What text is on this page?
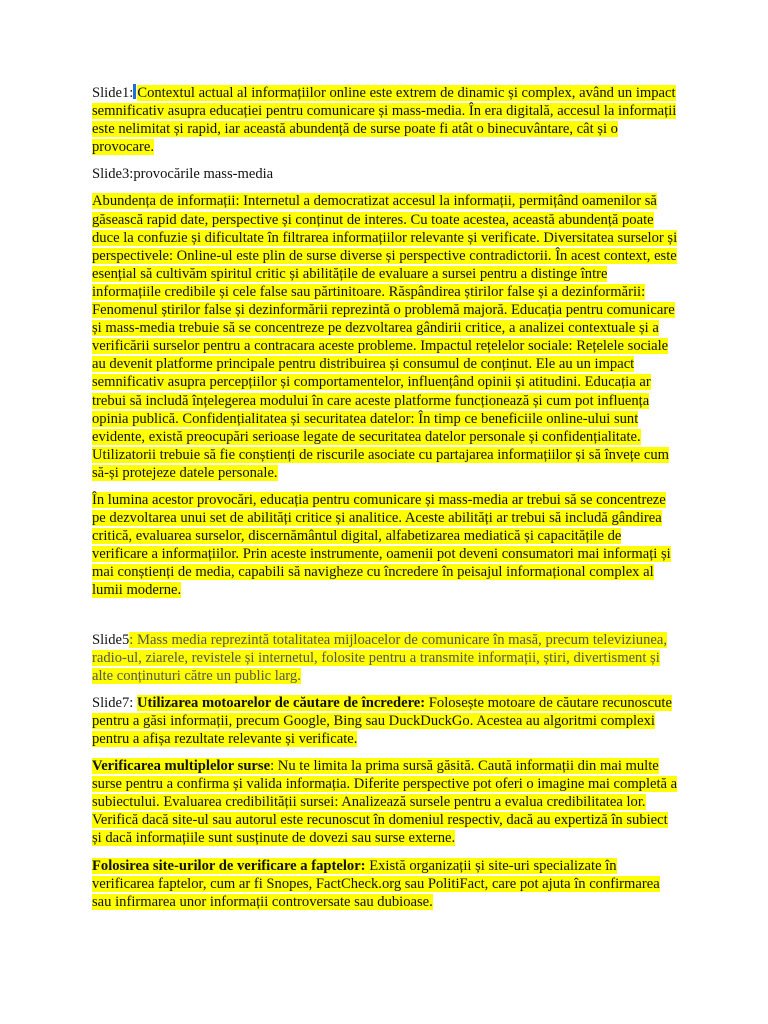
Slide1: Contextul actual al informațiilor online este extrem de dinamic și complex, având un impact semnificativ asupra educației pentru comunicare și mass-media. În era digitală, accesul la informații este nelimitat și rapid, iar această abundență de surse poate fi atât o binecuvântare, cât și o provocare.

Slide3:provocările mass-media

Abundența de informații: Internetul a democratizat accesul la informații, permițând oamenilor să găsească rapid date, perspective și conținut de interes. Cu toate acestea, această abundență poate duce la confuzie și dificultate în filtrarea informațiilor relevante și verificate. Diversitatea surselor și perspectivele: Online-ul este plin de surse diverse și perspective contradictorii. În acest context, este esențial să cultivăm spiritul critic și abilitățile de evaluare a sursei pentru a distinge între informațiile credibile și cele false sau părtinitoare. Răspândirea știrilor false și a dezinformării: Fenomenul știrilor false și dezinformării reprezintă o problemă majoră. Educația pentru comunicare și mass-media trebuie să se concentreze pe dezvoltarea gândirii critice, a analizei contextuale și a verificării surselor pentru a contracara aceste probleme. Impactul rețelelor sociale: Rețelele sociale au devenit platforme principale pentru distribuirea și consumul de conținut. Ele au un impact semnificativ asupra percepțiilor și comportamentelor, influențând opinii și atitudini. Educația ar trebui să includă înțelegerea modului în care aceste platforme funcționează și cum pot influența opinia publică. Confidențialitatea și securitatea datelor: În timp ce beneficiile online-ului sunt evidente, există preocupări serioase legate de securitatea datelor personale și confidențialitate. Utilizatorii trebuie să fie conștienți de riscurile asociate cu partajarea informațiilor și să învețe cum să-și protejeze datele personale.

În lumina acestor provocări, educația pentru comunicare și mass-media ar trebui să se concentreze pe dezvoltarea unui set de abilități critice și analitice. Aceste abilități ar trebui să includă gândirea critică, evaluarea surselor, discernământul digital, alfabetizarea mediatică și capacitățile de verificare a informațiilor. Prin aceste instrumente, oamenii pot deveni consumatori mai informați și mai conștienți de media, capabili să navigheze cu încredere în peisajul informațional complex al lumii moderne.

Slide5: Mass media reprezintă totalitatea mijloacelor de comunicare în masă, precum televiziunea, radio-ul, ziarele, revistele și internetul, folosite pentru a transmite informații, știri, divertisment și alte conținuturi către un public larg.

Slide7: Utilizarea motoarelor de căutare de încredere: Folosește motoare de căutare recunoscute pentru a găsi informații, precum Google, Bing sau DuckDuckGo. Acestea au algoritmi complexi pentru a afișa rezultate relevante și verificate.

Verificarea multiplelor surse: Nu te limita la prima sursă găsită. Caută informații din mai multe surse pentru a confirma și valida informația. Diferite perspective pot oferi o imagine mai completă a subiectului. Evaluarea credibilității sursei: Analizează sursele pentru a evalua credibilitatea lor. Verifică dacă site-ul sau autorul este recunoscut în domeniul respectiv, dacă au expertiză în subiect și dacă informațiile sunt susținute de dovezi sau surse externe.

Folosirea site-urilor de verificare a faptelor: Există organizații și site-uri specializate în verificarea faptelor, cum ar fi Snopes, FactCheck.org sau PolitiFact, care pot ajuta în confirmarea sau infirmarea unor informații controversate sau dubioase.
